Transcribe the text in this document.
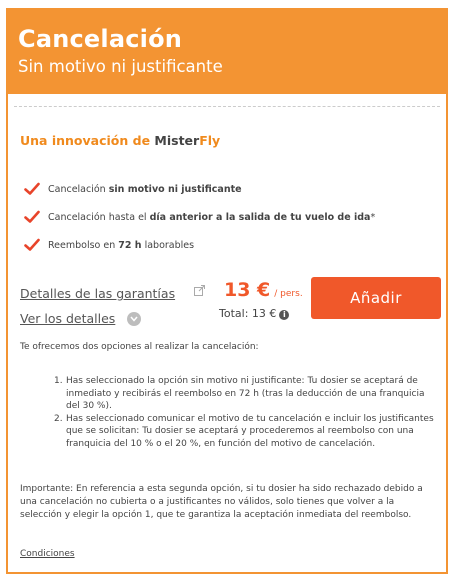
Cancelación
Sin motivo ni justificante
Una innovación de MisterFly
Cancelación sin motivo ni justificante
Cancelación hasta el día anterior a la salida de tu vuelo de ida*
Reembolso en 72 h laborables
Detalles de las garantías	13 € / pers.
Total: 13 € i
Añadir
Ver los detalles
Te ofrecemos dos opciones al realizar la cancelación:
1. Has seleccionado la opción sin motivo ni justificante: Tu dosier se aceptará de inmediato y recibirás el reembolso en 72 h (tras la deducción de una franquicia del 30 %).
2. Has seleccionado comunicar el motivo de tu cancelación e incluir los justificantes que se solicitan: Tu dosier se aceptará y procederemos al reembolso con una franquicia del 10 % o el 20 %, en función del motivo de cancelación.
Importante: En referencia a esta segunda opción, si tu dosier ha sido rechazado debido a una cancelación no cubierta o a justificantes no válidos, solo tienes que volver a la selección y elegir la opción 1, que te garantiza la aceptación inmediata del reembolso.
Condiciones
